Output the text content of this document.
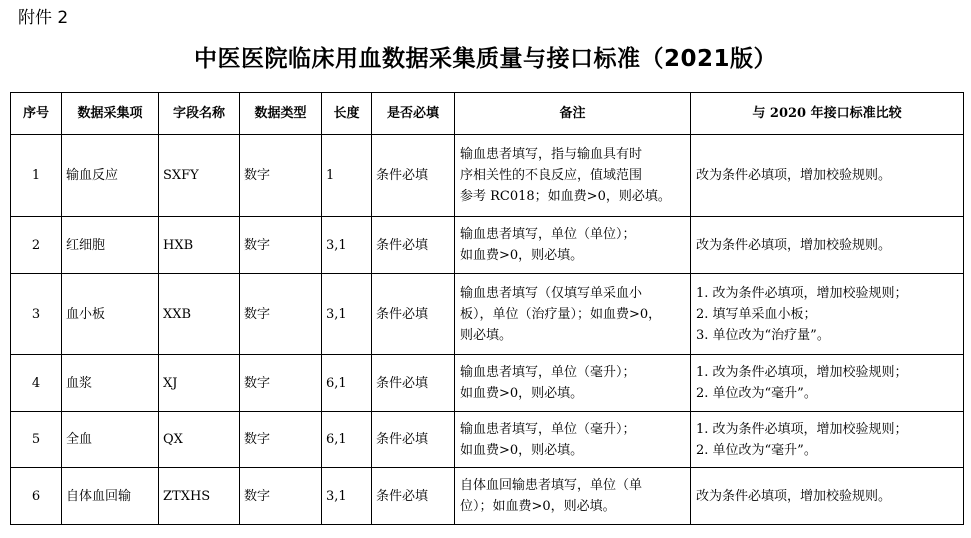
附件 2
中医医院临床用血数据采集质量与接口标准（2021版）
序号	数据采集项	字段名称	数据类型	长度	是否必填	备注	与 2020 年接口标准比较
1	输血反应	SXFY	数字	1	条件必填	输血患者填写，指与输血具有时
序相关性的不良反应，值域范围
参考 RC018；如血费>0，则必填。	改为条件必填项，增加校验规则。
2	红细胞	HXB	数字	3,1	条件必填	输血患者填写，单位（单位）；
如血费>0，则必填。	改为条件必填项，增加校验规则。
3	血小板	XXB	数字	3,1	条件必填	输血患者填写（仅填写单采血小
板），单位（治疗量）；如血费>0，
则必填。	1. 改为条件必填项，增加校验规则；
2. 填写单采血小板；
3. 单位改为“治疗量”。
4	血浆	XJ	数字	6,1	条件必填	输血患者填写，单位（毫升）；
如血费>0，则必填。	1. 改为条件必填项，增加校验规则；
2. 单位改为“毫升”。
5	全血	QX	数字	6,1	条件必填	输血患者填写，单位（毫升）；
如血费>0，则必填。	1. 改为条件必填项，增加校验规则；
2. 单位改为“毫升”。
6	自体血回输	ZTXHS	数字	3,1	条件必填	自体血回输患者填写，单位（单
位）；如血费>0，则必填。	改为条件必填项，增加校验规则。
